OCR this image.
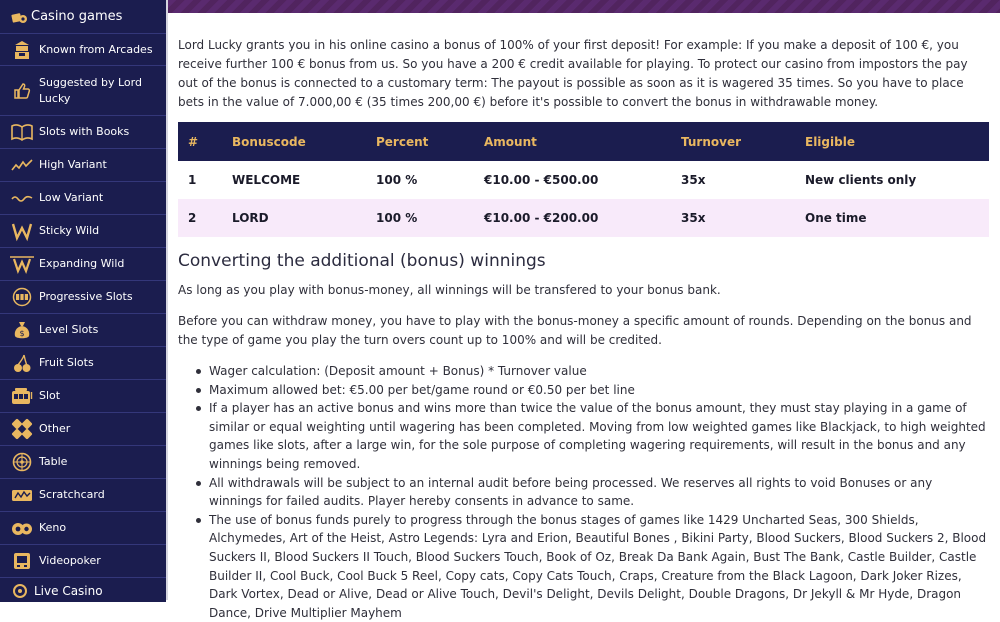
Casino games
Known from Arcades
Suggested by Lord Lucky
Slots with Books
High Variant
Low Variant
Sticky Wild
Expanding Wild
Progressive Slots
$ Level Slots
Fruit Slots
Slot
Other
Table
Scratchcard
Keno
Videopoker
Live Casino

Lord Lucky grants you in his online casino a bonus of 100% of your first deposit! For example: If you make a deposit of 100 €, you receive further 100 € bonus from us. So you have a 200 € credit available for playing. To protect our casino from impostors the pay out of the bonus is connected to a customary term: The payout is possible as soon as it is wagered 35 times. So you have to place bets in the value of 7.000,00 € (35 times 200,00 €) before it's possible to convert the bonus in withdrawable money.

#	Bonuscode	Percent	Amount	Turnover	Eligible
1	WELCOME	100 %	€10.00 - €500.00	35x	New clients only
2	LORD	100 %	€10.00 - €200.00	35x	One time
Converting the additional (bonus) winnings

As long as you play with bonus-money, all winnings will be transfered to your bonus bank.

Before you can withdraw money, you have to play with the bonus-money a specific amount of rounds. Depending on the bonus and the type of game you play the turn overs count up to 100% and will be credited.

Wager calculation: (Deposit amount + Bonus) * Turnover value
Maximum allowed bet: €5.00 per bet/game round or €0.50 per bet line
If a player has an active bonus and wins more than twice the value of the bonus amount, they must stay playing in a game of similar or equal weighting until wagering has been completed. Moving from low weighted games like Blackjack, to high weighted games like slots, after a large win, for the sole purpose of completing wagering requirements, will result in the bonus and any winnings being removed.
All withdrawals will be subject to an internal audit before being processed. We reserves all rights to void Bonuses or any winnings for failed audits. Player hereby consents in advance to same.
The use of bonus funds purely to progress through the bonus stages of games like 1429 Uncharted Seas, 300 Shields, Alchymedes, Art of the Heist, Astro Legends: Lyra and Erion, Beautiful Bones , Bikini Party, Blood Suckers, Blood Suckers 2, Blood Suckers II, Blood Suckers II Touch, Blood Suckers Touch, Book of Oz, Break Da Bank Again, Bust The Bank, Castle Builder, Castle Builder II, Cool Buck, Cool Buck 5 Reel, Copy cats, Copy Cats Touch, Craps, Creature from the Black Lagoon, Dark Joker Rizes, Dark Vortex, Dead or Alive, Dead or Alive Touch, Devil's Delight, Devils Delight, Double Dragons, Dr Jekyll & Mr Hyde, Dragon Dance, Drive Multiplier Mayhem
